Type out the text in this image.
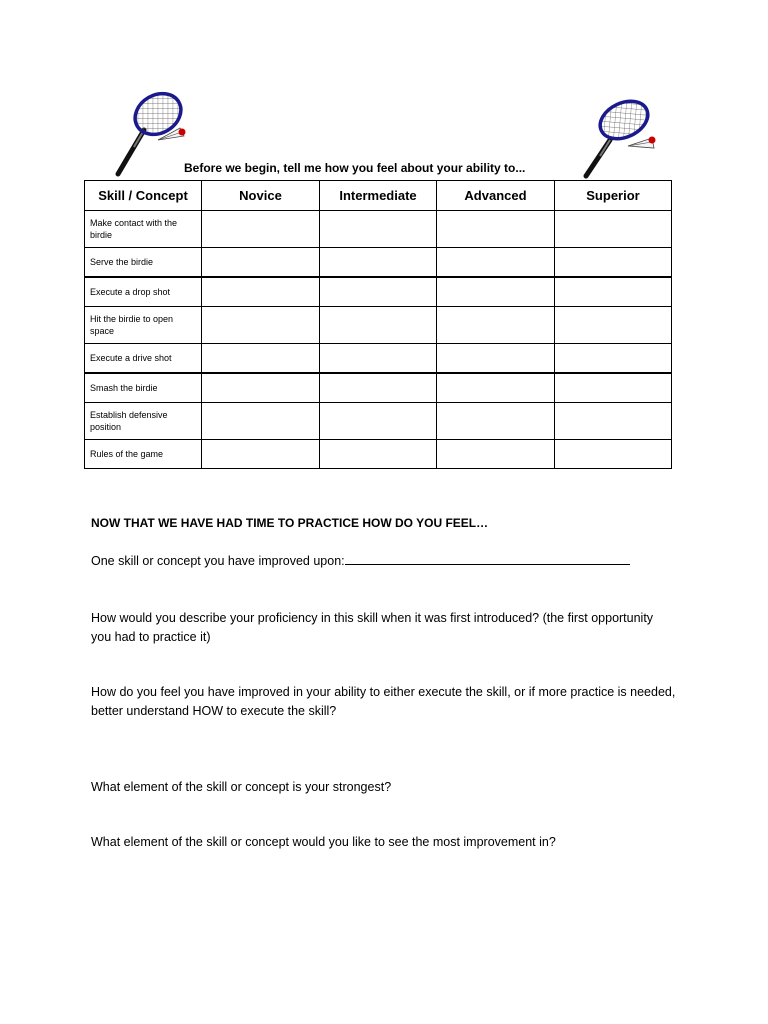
Before we begin, tell me how you feel about your ability to...
Skill / Concept	Novice	Intermediate	Advanced	Superior
Make contact with the birdie				
Serve the birdie				
Execute a drop shot				
Hit the birdie to open space				
Execute a drive shot				
Smash the birdie				
Establish defensive position				
Rules of the game				
NOW THAT WE HAVE HAD TIME TO PRACTICE HOW DO YOU FEEL…
One skill or concept you have improved upon:
How would you describe your proficiency in this skill when it was first introduced? (the first opportunity you had to practice it)
How do you feel you have improved in your ability to either execute the skill, or if more practice is needed, better understand HOW to execute the skill?
What element of the skill or concept is your strongest?
What element of the skill or concept would you like to see the most improvement in?
